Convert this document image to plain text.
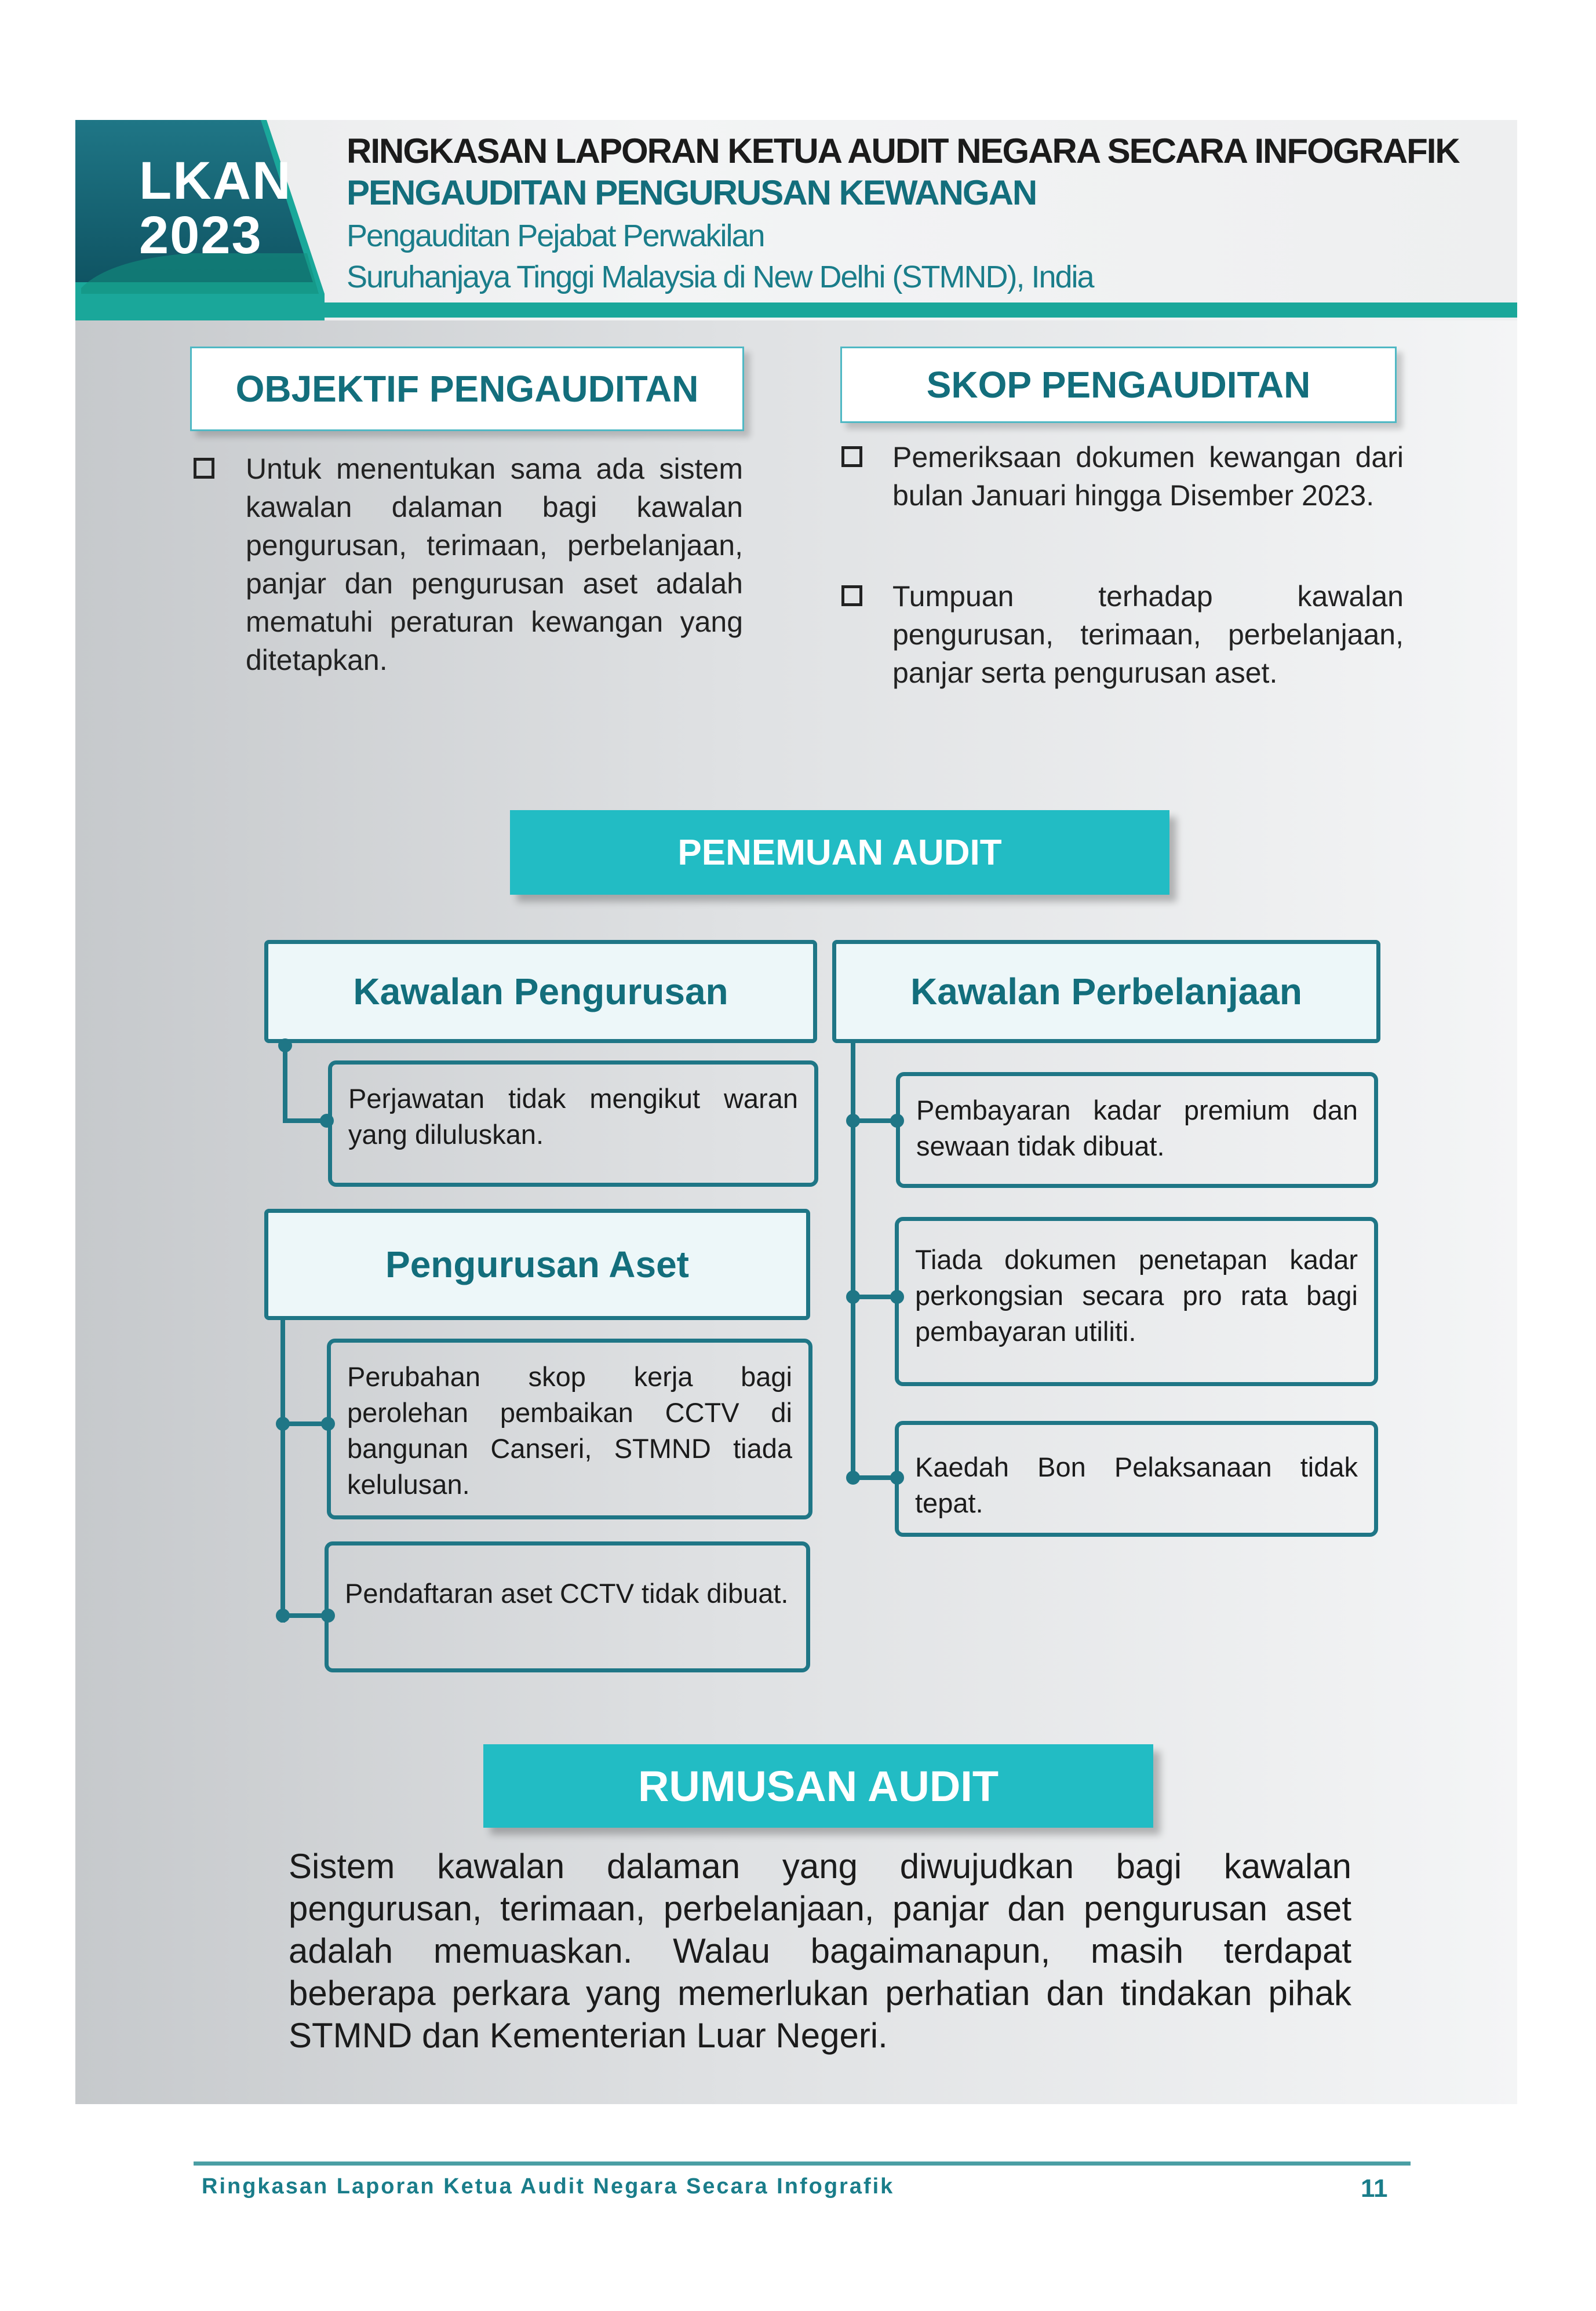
LKAN
2023
RINGKASAN LAPORAN KETUA AUDIT NEGARA SECARA INFOGRAFIK
PENGAUDITAN PENGURUSAN KEWANGAN
Pengauditan Pejabat Perwakilan
Suruhanjaya Tinggi Malaysia di New Delhi (STMND), India
OBJEKTIF PENGAUDITAN
Untuk menentukan sama ada sistem kawalan dalaman bagi kawalan pengurusan, terimaan, perbelanjaan, panjar dan pengurusan aset adalah mematuhi peraturan kewangan yang ditetapkan.
SKOP PENGAUDITAN
Pemeriksaan dokumen kewangan dari bulan Januari hingga Disember 2023.
Tumpuan terhadap kawalan pengurusan, terimaan, perbelanjaan, panjar serta pengurusan aset.
PENEMUAN AUDIT
Kawalan Pengurusan
Perjawatan tidak mengikut waran yang diluluskan.
Pengurusan Aset
Perubahan skop kerja bagi perolehan pembaikan CCTV di bangunan Canseri, STMND tiada kelulusan.
Pendaftaran aset CCTV tidak dibuat.
Kawalan Perbelanjaan
Pembayaran kadar premium dan sewaan tidak dibuat.
Tiada dokumen penetapan kadar perkongsian secara pro rata bagi pembayaran utiliti.
Kaedah Bon Pelaksanaan tidak tepat.
RUMUSAN AUDIT
Sistem kawalan dalaman yang diwujudkan bagi kawalan pengurusan, terimaan, perbelanjaan, panjar dan pengurusan aset adalah memuaskan. Walau bagaimanapun, masih terdapat beberapa perkara yang memerlukan perhatian dan tindakan pihak STMND dan Kementerian Luar Negeri.
Ringkasan Laporan Ketua Audit Negara Secara Infografik	11
